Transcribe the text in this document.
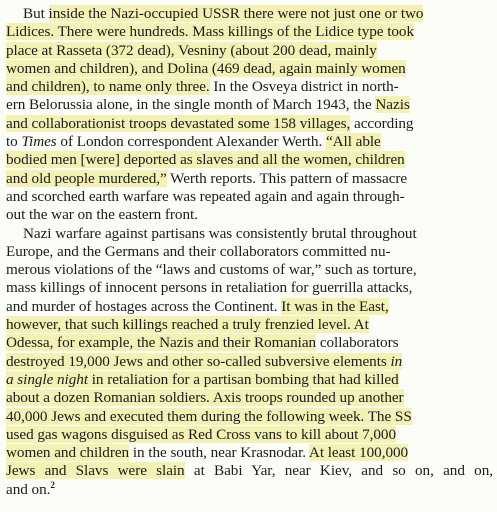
But inside the Nazi-occupied USSR there were not just one or two
Lidices. There were hundreds. Mass killings of the Lidice type took
place at Rasseta (372 dead), Vesniny (about 200 dead, mainly
women and children), and Dolina (469 dead, again mainly women
and children), to name only three. In the Osveya district in north-
ern Belorussia alone, in the single month of March 1943, the Nazis
and collaborationist troops devastated some 158 villages, according
to Times of London correspondent Alexander Werth. “All able
bodied men [were] deported as slaves and all the women, children
and old people murdered,” Werth reports. This pattern of massacre
and scorched earth warfare was repeated again and again through-
out the war on the eastern front.
Nazi warfare against partisans was consistently brutal throughout
Europe, and the Germans and their collaborators committed nu-
merous violations of the “laws and customs of war,” such as torture,
mass killings of innocent persons in retaliation for guerrilla attacks,
and murder of hostages across the Continent. It was in the East,
however, that such killings reached a truly frenzied level. At
Odessa, for example, the Nazis and their Romanian collaborators
destroyed 19,000 Jews and other so-called subversive elements in
a single night in retaliation for a partisan bombing that had killed
about a dozen Romanian soldiers. Axis troops rounded up another
40,000 Jews and executed them during the following week. The SS
used gas wagons disguised as Red Cross vans to kill about 7,000
women and children in the south, near Krasnodar. At least 100,000
Jews and Slavs were slain at Babi Yar, near Kiev, and so on, and on,
and on.$^2$
